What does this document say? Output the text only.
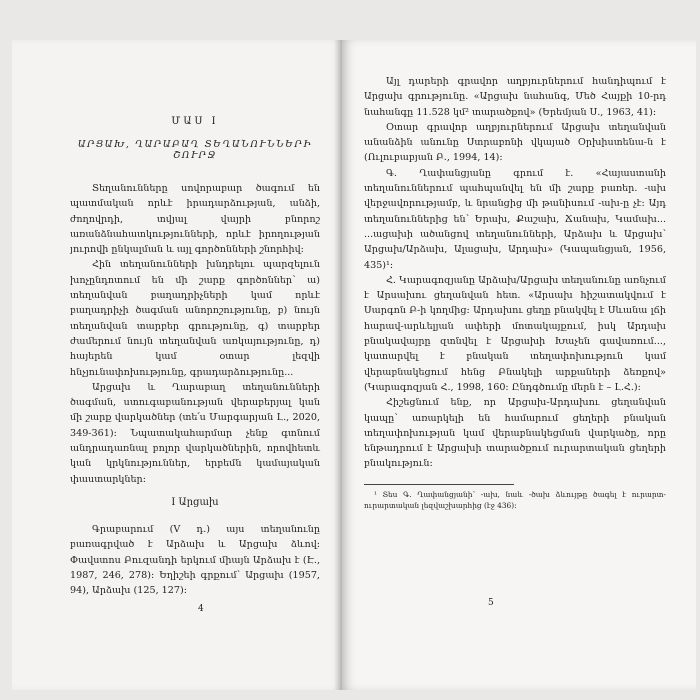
ՄԱՍ I

ԱՐՑԱԽ, ՂԱՐԱԲԱՂ ՏԵՂԱՆՈՒՆՆԵՐԻ ՇՈՒՐՋ

Տեղանունները սովորաբար ծագում են պատմական որևէ իրադարձության, անձի, ժողովրդի, տվյալ վայրի բնորոշ առանձնահատկությունների, որևէ իրողության յուրովի ընկալման և այլ գործոնների շնորհիվ:

Հին տեղանունների խնդրելու պարզելուն խոչընդոտում են մի շարք գործոններ՝ ա) տեղանվան բաղադրիչների կամ որևէ բաղադրիչի ծագման անորոշությունը, բ) նույն տեղանվան տարբեր գրությունը, գ) տարբեր ժամերում նույն տեղանվան առկայությունը, դ) հայերեն կամ օտար լեզվի հնչյունափոխությունը, գրադարձությունը...

Արցախ և Ղարաբաղ տեղանունների ծագման, ստուգաբանության վերաբերյալ կան մի շարք վարկածներ (տե՛ս Մարգարյան Լ., 2020, 349-361): Նպատակահարմար չենք գտնում անդրադառնալ բոլոր վարկածներին, որովհետև կան կրկնություններ, երբեմն կամայական փաստարկներ:

I Արցախ

Գրաբարում (V դ.) այս տեղանունը բառագրված է Արձախ և Արցախ ձևով: Փավստոս Բուզանդի երկում միայն Արձախ է (Է., 1987, 246, 278): Եղիշեի գրքում՝ Արցախ (1957, 94), Արձախ (125, 127):

4

Այլ դարերի գրավոր աղբյուրներում հանդիպում է Արցախ գրությունը. «Արցախ նահանգ, Մեծ Հայքի 10-րդ նահանգը 11.528 կմ² տարածքով» (Երեմյան Ս., 1963, 41):

Օտար գրավոր աղբյուրներում Արցախ տեղանվան անանձին անունը Ստրաբոնի վկայած Օրխիստենա-ն է (Ուլուբաբյան Բ., 1994, 14):

Գ. Ղափանցյանը գրում է. «Հայաստանի տեղանուններում պահպանվել են մի շարք բառեր. -ախ վերջավորությամբ, և նրանցից մի թանիսում -ախ-ը չէ: Այդ տեղանուններից են՝ Երախ, Քաշախ, Ճանախ, Կամախ... ...ացախի ածանցով տեղանունների, Արձախ և Արցախ՝ Արցախ/Արձախ, Ալացախ, Արդախ» (Կապանցյան, 1956, 435)¹:

Հ. Կարագոզյանը Արձախ/Արցախ տեղանունը առնչում է Արսախու ցեղանվան հետ. «Արսախ հիշատակվում է Սարգոն Բ-ի կողմից: Արդախու ցեղը բնակվել է Սևանա լճի հարավ-արևելյան ափերի մոտակայքում, իսկ Արդախ բնակավայրը զտնվել է Արցախի Խաչեն գավառում..., կատարվել է բնական տեղափոխություն կամ վերաբնակեցում հենց Բնակելի արքաների ձեռքով» (Կարագոզյան Հ., 1998, 160: Ընդգծումը մերն է – Լ.Հ.):

Հիշեցնում ենք, որ Արցախ-Արդախու ցեղանվան կապը՝ առարկելի են համարում ցեղերի բնական տեղափոխության կամ վերաբնակեցման վարկածը, որը ենթադրում է Արցախի տարածքում ուրարտական ցեղերի բնակություն:

¹ Տես Գ. Ղափանցյանի՝ -ախ, նաև -ծախ ձևույթը ծագել է ուրարտ-ուրարտական լեզվաշխարհից (էջ 436):

5
